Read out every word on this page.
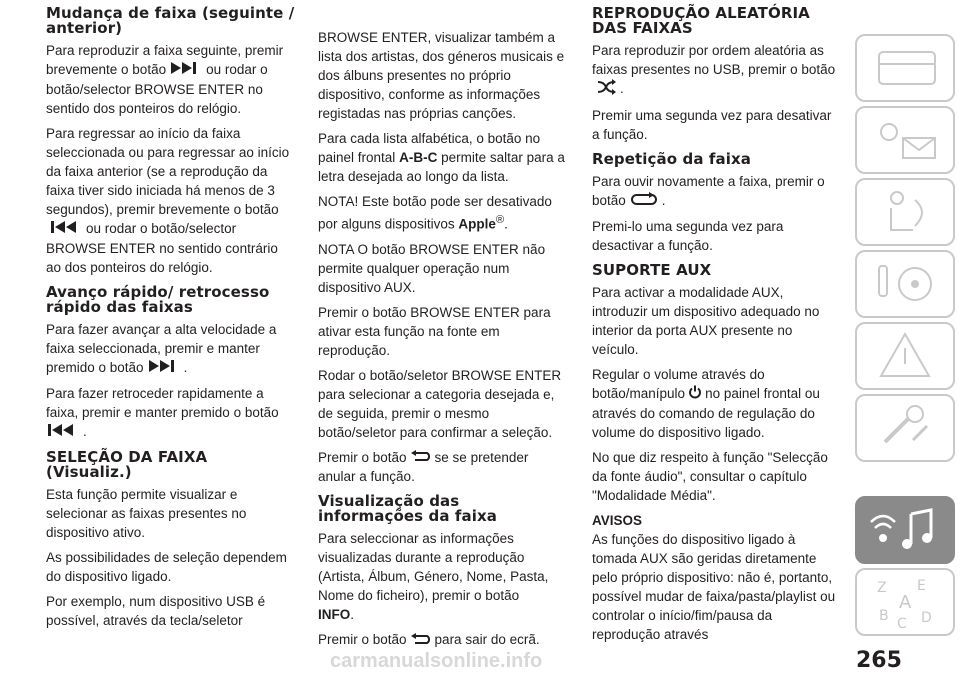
Mudança de faixa (seguinte / anterior)

Para reproduzir a faixa seguinte, premir brevemente o botão	ou rodar o botão/selector BROWSE ENTER no sentido dos ponteiros do relógio.

Para regressar ao início da faixa seleccionada ou para regressar ao início da faixa anterior (se a reprodução da faixa tiver sido iniciada há menos de 3 segundos), premir brevemente o botãoou rodar o botão/selector BROWSE ENTER no sentido contrário ao dos ponteiros do relógio.

Avanço rápido/ retrocesso rápido das faixas

Para fazer avançar a alta velocidade a faixa seleccionada, premir e manter premido o botão	.

Para fazer retroceder rapidamente a faixa, premir e manter premido o botão
.

SELEÇÃO DA FAIXA (Visualiz.)

Esta função permite visualizar e selecionar as faixas presentes no dispositivo ativo.

As possibilidades de seleção dependem do dispositivo ligado.

Por exemplo, num dispositivo USB é possível, através da tecla/seletor

BROWSE ENTER, visualizar também a lista dos artistas, dos géneros musicais e dos álbuns presentes no próprio dispositivo, conforme as informações registadas nas próprias canções.

Para cada lista alfabética, o botão no painel frontal A-B-C permite saltar para a letra desejada ao longo da lista.

NOTA! Este botão pode ser desativado por alguns dispositivos Apple®.

NOTA O botão BROWSE ENTER não permite qualquer operação num dispositivo AUX.

Premir o botão BROWSE ENTER para ativar esta função na fonte em reprodução.

Rodar o botão/seletor BROWSE ENTER para selecionar a categoria desejada e, de seguida, premir o mesmo botão/seletor para confirmar a seleção.

Premir o botão se se pretender anular a função.

Visualização das informações da faixa

Para seleccionar as informações visualizadas durante a reprodução (Artista, Álbum, Género, Nome, Pasta, Nome do ficheiro), premir o botão
INFO.

Premir o botão para sair do ecrã.

REPRODUÇÃO ALEATÓRIA DAS FAIXAS

Para reproduzir por ordem aleatória as faixas presentes no USB, premir o botão.

Premir uma segunda vez para desativar a função.

Repetição da faixa

Para ouvir novamente a faixa, premir o botão	.

Premi-lo uma segunda vez para desactivar a função.

SUPORTE AUX

Para activar a modalidade AUX, introduzir um dispositivo adequado no interior da porta AUX presente no veículo.

Regular o volume através do botão/manípulo no painel frontal ou através do comando de regulação do volume do dispositivo ligado.

No que diz respeito à função "Selecção da fonte áudio", consultar o capítulo "Modalidade Média".

AVISOS

As funções do dispositivo ligado à tomada AUX são geridas diretamente pelo próprio dispositivo: não é, portanto, possível mudar de faixa/pasta/playlist ou controlar o início/fim/pausa da reprodução através

Z E
A
B C D
carmanualsonline.info	265
